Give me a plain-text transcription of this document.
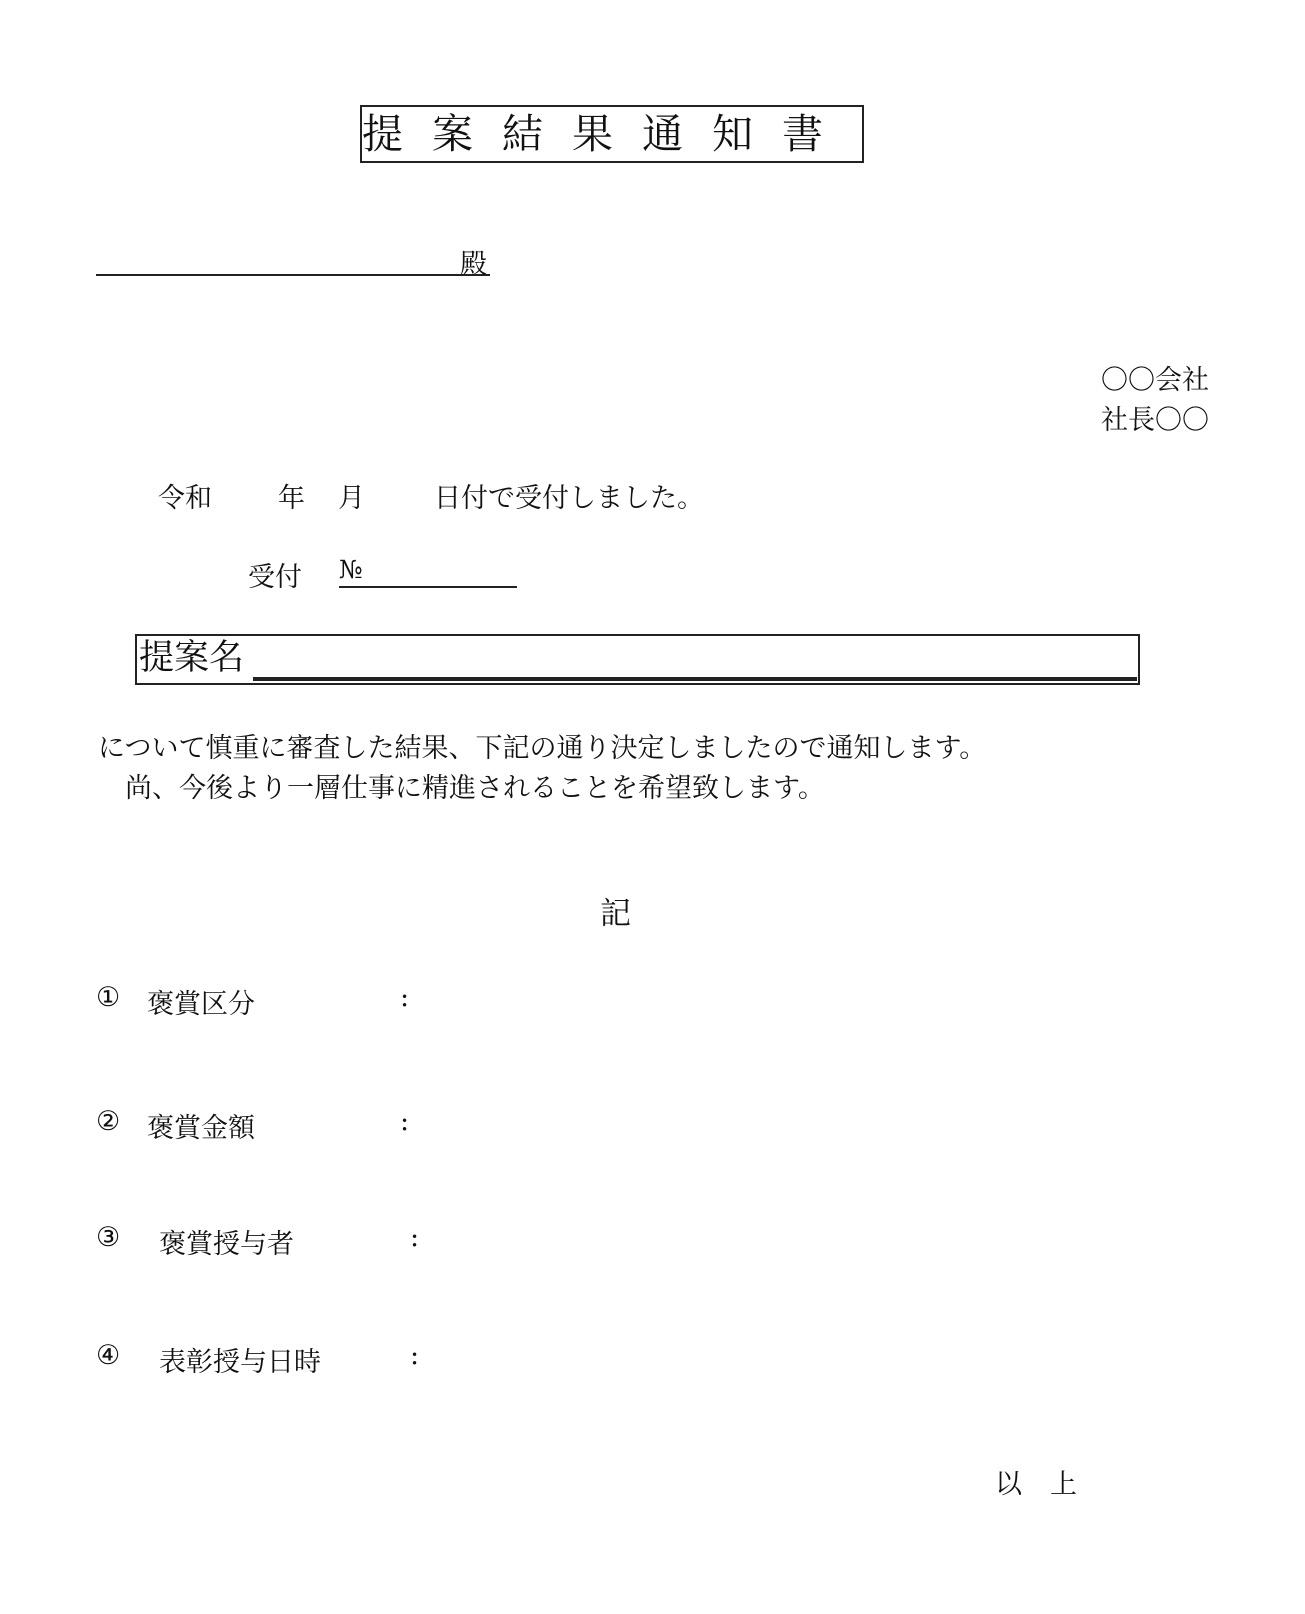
提案結果通知書
殿
〇〇会社
社長〇〇
令和 年 月	日付で受付しました。
受付 №
提案名
について慎重に審査した結果、下記の通り決定しましたので通知します。
尚、今後より一層仕事に精進されることを希望致します。
記
① 褒賞区分	:
② 褒賞金額	:
③ 褒賞授与者	:
④ 表彰授与日時	:
以上
